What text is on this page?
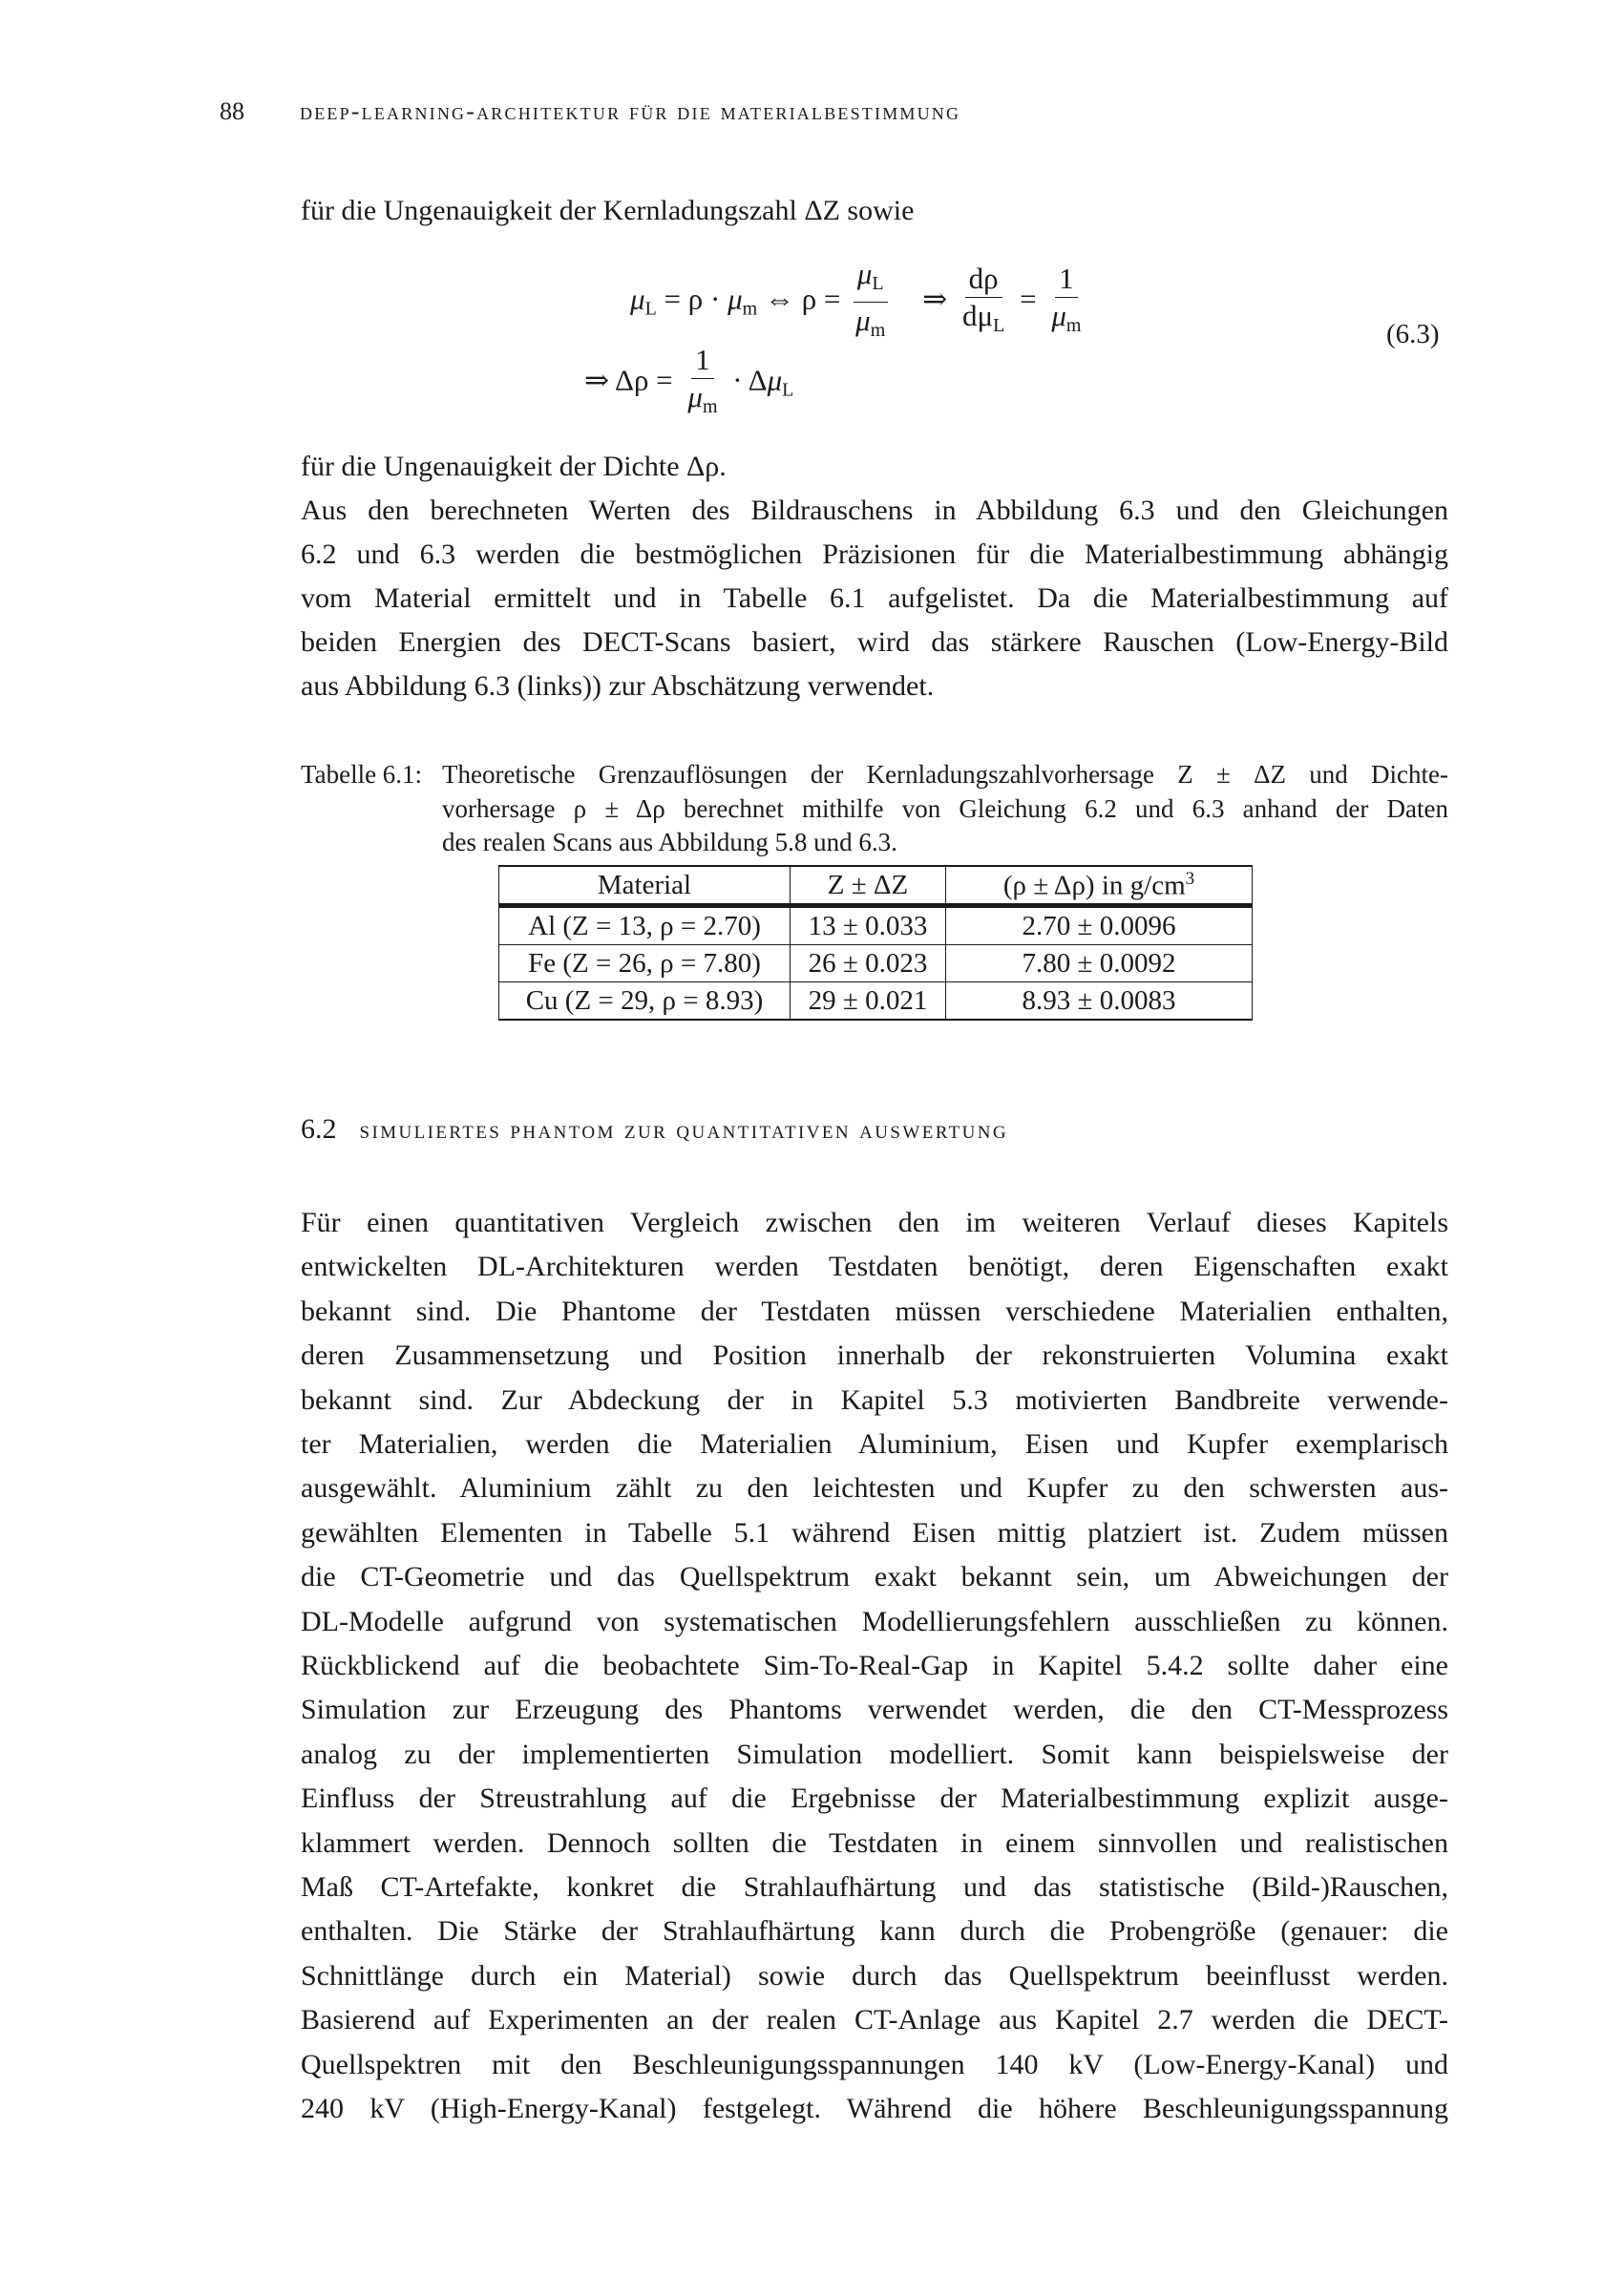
88 deep-learning-architektur für die materialbestimmung
für die Ungenauigkeit der Kernladungszahl ΔZ sowie
$\mu_L = \rho \cdot \mu_m$ ⇔ $\rho = \frac{\mu_L}{\mu_m}$ ⇒ $\frac{d\rho}{d\mu_L} = \frac{1}{\mu_m}$
⇒ $\Delta\rho = \frac{1}{\mu_m} \cdot \Delta\mu_L$
(6.3)
für die Ungenauigkeit der Dichte Δρ.
Aus den berechneten Werten des Bildrauschens in Abbildung 6.3 und den Gleichungen
6.2 und 6.3 werden die bestmöglichen Präzisionen für die Materialbestimmung abhängig
vom Material ermittelt und in Tabelle 6.1 aufgelistet. Da die Materialbestimmung auf
beiden Energien des DECT-Scans basiert, wird das stärkere Rauschen (Low-Energy-Bild
aus Abbildung 6.3 (links)) zur Abschätzung verwendet.
Tabelle 6.1: Theoretische Grenzauflösungen der Kernladungszahlvorhersage Z ± ΔZ und Dichte-
vorhersage ρ ± Δρ berechnet mithilfe von Gleichung 6.2 und 6.3 anhand der Daten
des realen Scans aus Abbildung 5.8 und 6.3.
Material	Z ± ΔZ	(ρ ± Δρ) in $g/cm^3$
Al (Z = 13, ρ = 2.70)	13 ± 0.033	2.70 ± 0.0096
Fe (Z = 26, ρ = 7.80)	26 ± 0.023	7.80 ± 0.0092
Cu (Z = 29, ρ = 8.93)	29 ± 0.021	8.93 ± 0.0083
6.2 simuliertes phantom zur quantitativen auswertung
Für einen quantitativen Vergleich zwischen den im weiteren Verlauf dieses Kapitels
entwickelten DL-Architekturen werden Testdaten benötigt, deren Eigenschaften exakt
bekannt sind. Die Phantome der Testdaten müssen verschiedene Materialien enthalten,
deren Zusammensetzung und Position innerhalb der rekonstruierten Volumina exakt
bekannt sind. Zur Abdeckung der in Kapitel 5.3 motivierten Bandbreite verwende-
ter Materialien, werden die Materialien Aluminium, Eisen und Kupfer exemplarisch
ausgewählt. Aluminium zählt zu den leichtesten und Kupfer zu den schwersten aus-
gewählten Elementen in Tabelle 5.1 während Eisen mittig platziert ist. Zudem müssen
die CT-Geometrie und das Quellspektrum exakt bekannt sein, um Abweichungen der
DL-Modelle aufgrund von systematischen Modellierungsfehlern ausschließen zu können.
Rückblickend auf die beobachtete Sim-To-Real-Gap in Kapitel 5.4.2 sollte daher eine
Simulation zur Erzeugung des Phantoms verwendet werden, die den CT-Messprozess
analog zu der implementierten Simulation modelliert. Somit kann beispielsweise der
Einfluss der Streustrahlung auf die Ergebnisse der Materialbestimmung explizit ausge-
klammert werden. Dennoch sollten die Testdaten in einem sinnvollen und realistischen
Maß CT-Artefakte, konkret die Strahlaufhärtung und das statistische (Bild-)Rauschen,
enthalten. Die Stärke der Strahlaufhärtung kann durch die Probengröße (genauer: die
Schnittlänge durch ein Material) sowie durch das Quellspektrum beeinflusst werden.
Basierend auf Experimenten an der realen CT-Anlage aus Kapitel 2.7 werden die DECT-
Quellspektren mit den Beschleunigungsspannungen 140 kV (Low-Energy-Kanal) und
240 kV (High-Energy-Kanal) festgelegt. Während die höhere Beschleunigungsspannung
